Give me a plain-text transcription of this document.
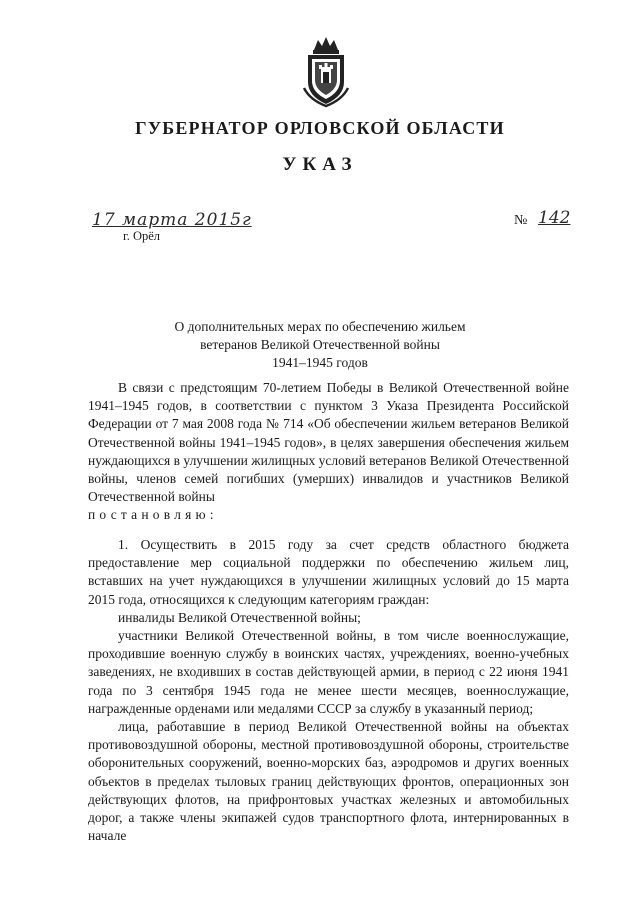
ГУБЕРНАТОР ОРЛОВСКОЙ ОБЛАСТИ
УКАЗ
17 марта 2015г
г. Орёл
№ 142
О дополнительных мерах по обеспечению жильем
ветеранов Великой Отечественной войны
1941–1945 годов

В связи с предстоящим 70-летием Победы в Великой Отечественной войне 1941–1945 годов, в соответствии с пунктом 3 Указа Президента Российской Федерации от 7 мая 2008 года № 714 «Об обеспечении жильем ветеранов Великой Отечественной войны 1941–1945 годов», в целях завершения обеспечения жильем нуждающихся в улучшении жилищных условий ветеранов Великой Отечественной войны, членов семей погибших (умерших) инвалидов и участников Великой Отечественной войны

постановляю:

1. Осуществить в 2015 году за счет средств областного бюджета предоставление мер социальной поддержки по обеспечению жильем лиц, вставших на учет нуждающихся в улучшении жилищных условий до 15 марта 2015 года, относящихся к следующим категориям граждан:

инвалиды Великой Отечественной войны;

участники Великой Отечественной войны, в том числе военнослужащие, проходившие военную службу в воинских частях, учреждениях, военно-учебных заведениях, не входивших в состав действующей армии, в период с 22 июня 1941 года по 3 сентября 1945 года не менее шести месяцев, военнослужащие, награжденные орденами или медалями СССР за службу в указанный период;

лица, работавшие в период Великой Отечественной войны на объектах противовоздушной обороны, местной противовоздушной обороны, строительстве оборонительных сооружений, военно-морских баз, аэродромов и других военных объектов в пределах тыловых границ действующих фронтов, операционных зон действующих флотов, на прифронтовых участках железных и автомобильных дорог, а также члены экипажей судов транспортного флота, интернированных в начале
